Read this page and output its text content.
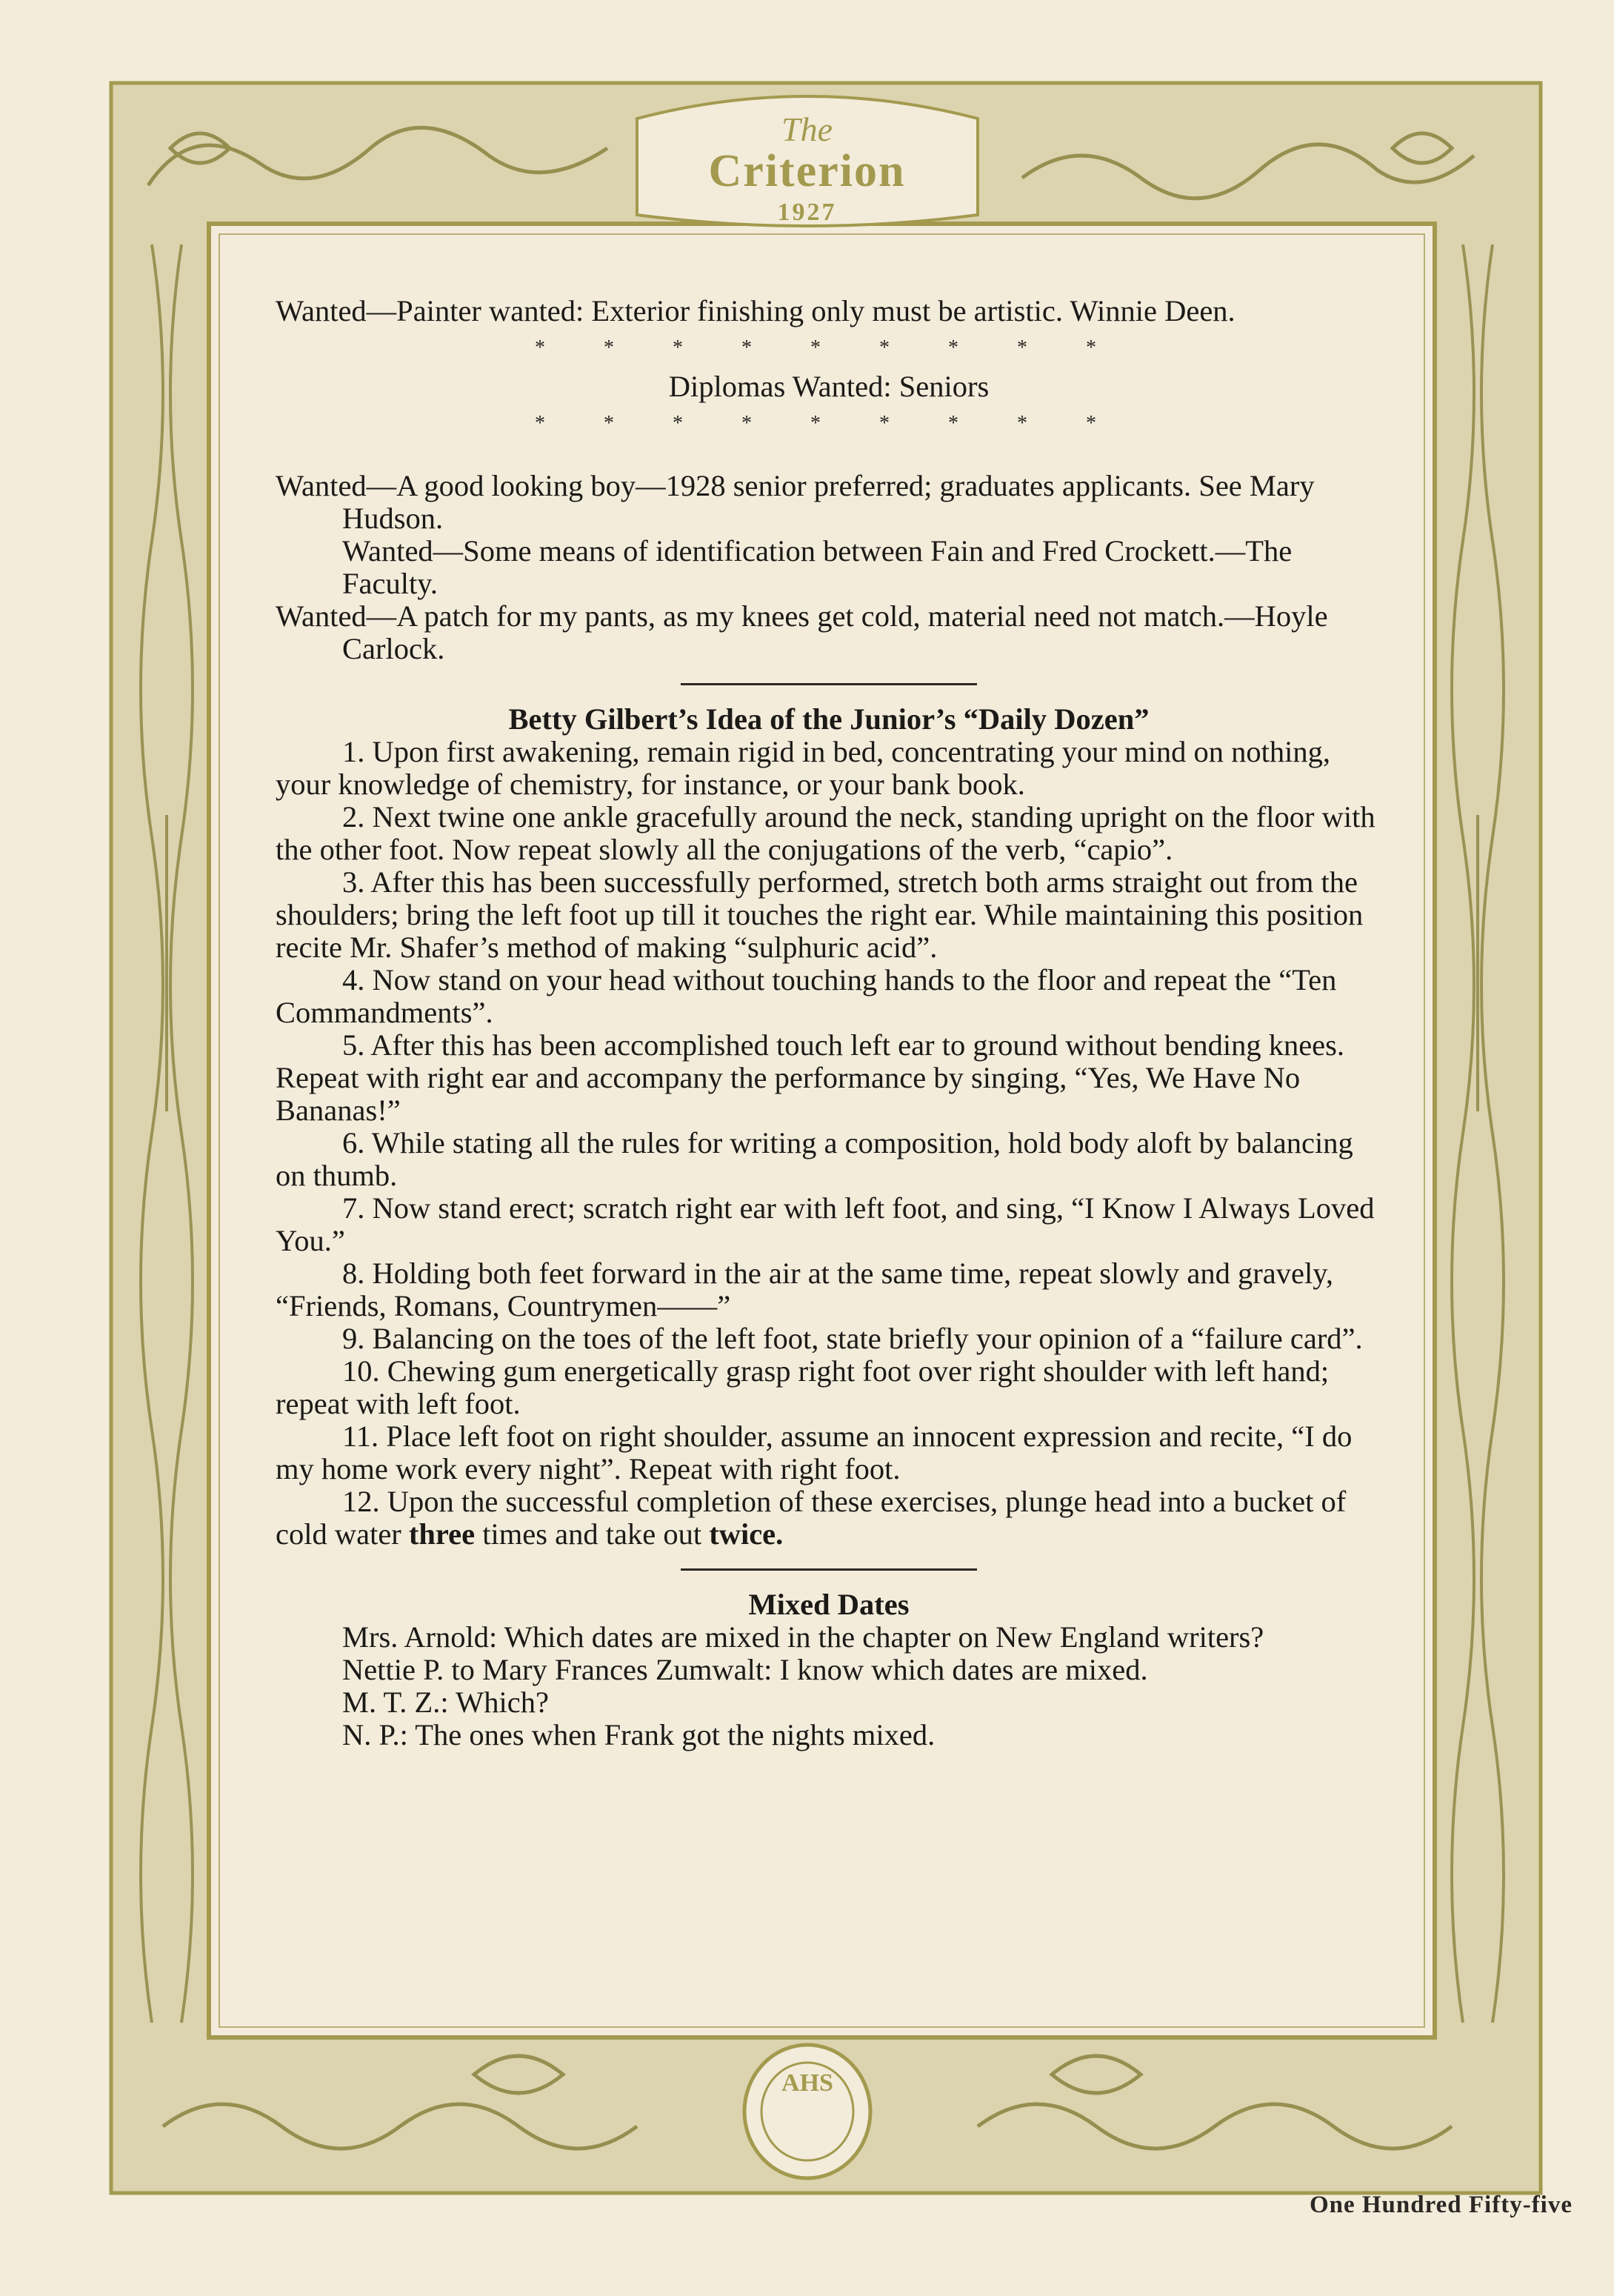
AHS
The
Criterion
1927

Wanted—Painter wanted: Exterior finishing only must be artistic. Winnie Deen.

* * * * * * * * *

Diplomas Wanted: Seniors

* * * * * * * * *

Wanted—A good looking boy—1928 senior preferred; graduates applicants. See Mary Hudson.

Wanted—Some means of identification between Fain and Fred Crockett.—The Faculty.

Wanted—A patch for my pants, as my knees get cold, material need not match.—Hoyle Carlock.

Betty Gilbert’s Idea of the Junior’s “Daily Dozen”

1. Upon first awakening, remain rigid in bed, concentrating your mind on nothing, your knowledge of chemistry, for instance, or your bank book.

2. Next twine one ankle gracefully around the neck, standing upright on the floor with the other foot. Now repeat slowly all the conjugations of the verb, “capio”.

3. After this has been successfully performed, stretch both arms straight out from the shoulders; bring the left foot up till it touches the right ear. While maintaining this position recite Mr. Shafer’s method of making “sulphuric acid”.

4. Now stand on your head without touching hands to the floor and repeat the “Ten Commandments”.

5. After this has been accomplished touch left ear to ground without bending knees. Repeat with right ear and accompany the performance by singing, “Yes, We Have No Bananas!”

6. While stating all the rules for writing a composition, hold body aloft by balancing on thumb.

7. Now stand erect; scratch right ear with left foot, and sing, “I Know I Always Loved You.”

8. Holding both feet forward in the air at the same time, repeat slowly and gravely, “Friends, Romans, Countrymen——”

9. Balancing on the toes of the left foot, state briefly your opinion of a “failure card”.

10. Chewing gum energetically grasp right foot over right shoulder with left hand; repeat with left foot.

11. Place left foot on right shoulder, assume an innocent expression and recite, “I do my home work every night”. Repeat with right foot.

12. Upon the successful completion of these exercises, plunge head into a bucket of cold water three times and take out twice.

Mixed Dates

Mrs. Arnold: Which dates are mixed in the chapter on New England writers?

Nettie P. to Mary Frances Zumwalt: I know which dates are mixed.

M. T. Z.: Which?

N. P.: The ones when Frank got the nights mixed.

One Hundred Fifty-five
